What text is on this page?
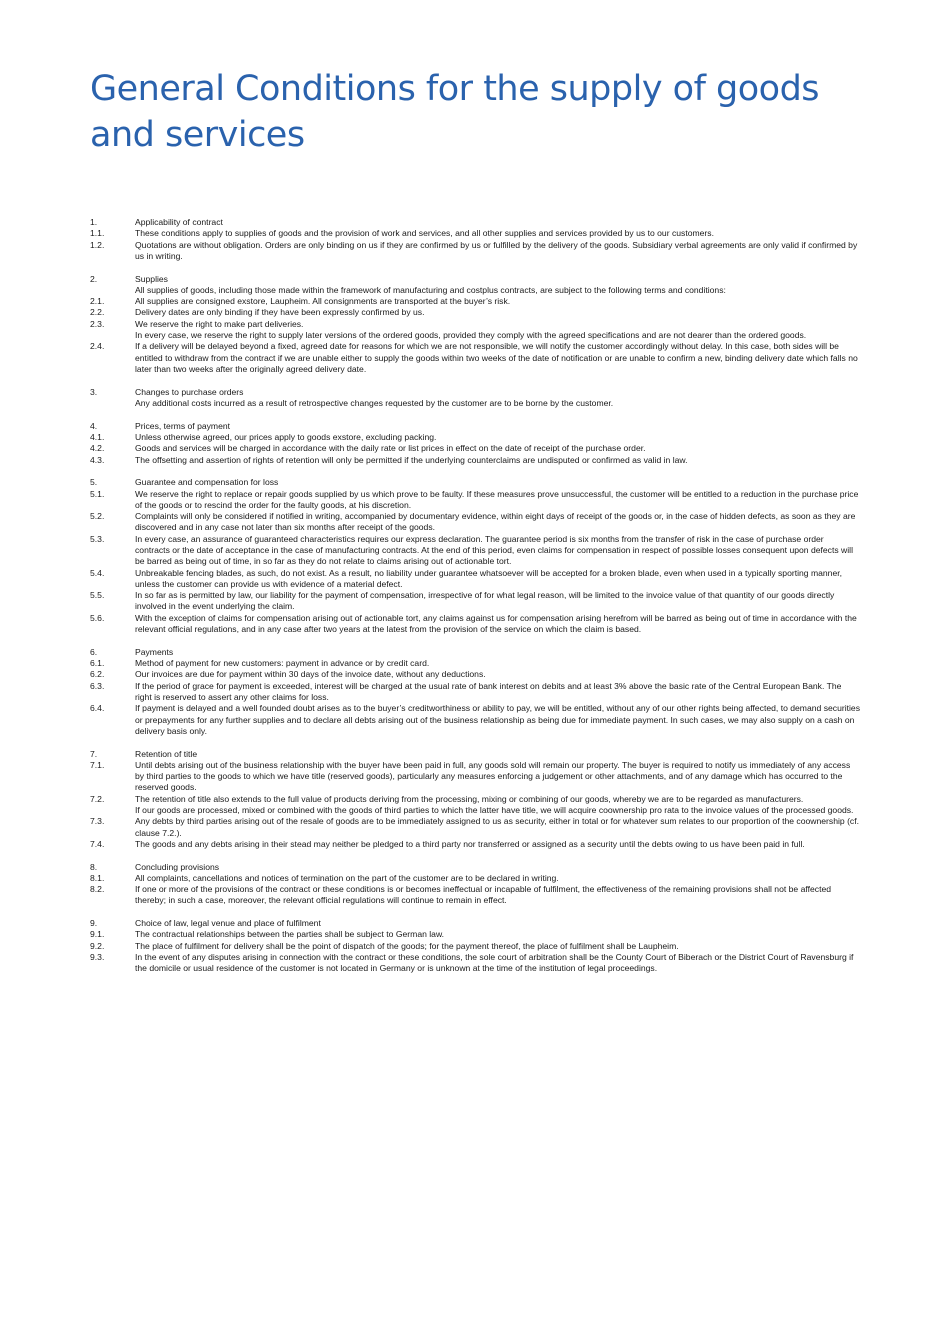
General Conditions for the supply of goods
and services
1.	Applicability of contract
1.1.	These conditions apply to supplies of goods and the provision of work and services, and all other supplies and services provided by us to our customers.
1.2.	Quotations are without obligation. Orders are only binding on us if they are confirmed by us or fulfilled by the delivery of the goods. Subsidiary verbal agreements are only valid if confirmed by us in writing.
2.	Supplies
All supplies of goods, including those made within the framework of manufacturing and costplus contracts, are subject to the following terms and conditions:
2.1.	All supplies are consigned exstore, Laupheim. All consignments are transported at the buyer’s risk.
2.2.	Delivery dates are only binding if they have been expressly confirmed by us.
2.3.	We reserve the right to make part deliveries.
In every case, we reserve the right to supply later versions of the ordered goods, provided they comply with the agreed specifications and are not dearer than the ordered goods.
2.4.	If a delivery will be delayed beyond a fixed, agreed date for reasons for which we are not responsible, we will notify the customer accordingly without delay. In this case, both sides will be entitled to withdraw from the contract if we are unable either to supply the goods within two weeks of the date of notification or are unable to confirm a new, binding delivery date which falls no later than two weeks after the originally agreed delivery date.
3.	Changes to purchase orders
Any additional costs incurred as a result of retrospective changes requested by the customer are to be borne by the customer.
4.	Prices, terms of payment
4.1.	Unless otherwise agreed, our prices apply to goods exstore, excluding packing.
4.2.	Goods and services will be charged in accordance with the daily rate or list prices in effect on the date of receipt of the purchase order.
4.3.	The offsetting and assertion of rights of retention will only be permitted if the underlying counterclaims are undisputed or confirmed as valid in law.
5.	Guarantee and compensation for loss
5.1.	We reserve the right to replace or repair goods supplied by us which prove to be faulty. If these measures prove unsuccessful, the customer will be entitled to a reduction in the purchase price of the goods or to rescind the order for the faulty goods, at his discretion.
5.2.	Complaints will only be considered if notified in writing, accompanied by documentary evidence, within eight days of receipt of the goods or, in the case of hidden defects, as soon as they are discovered and in any case not later than six months after receipt of the goods.
5.3.	In every case, an assurance of guaranteed characteristics requires our express declaration. The guarantee period is six months from the transfer of risk in the case of purchase order contracts or the date of acceptance in the case of manufacturing contracts. At the end of this period, even claims for compensation in respect of possible losses consequent upon defects will be barred as being out of time, in so far as they do not relate to claims arising out of actionable tort.
5.4.	Unbreakable fencing blades, as such, do not exist. As a result, no liability under guarantee whatsoever will be accepted for a broken blade, even when used in a typically sporting manner, unless the customer can provide us with evidence of a material defect.
5.5.	In so far as is permitted by law, our liability for the payment of compensation, irrespective of for what legal reason, will be limited to the invoice value of that quantity of our goods directly involved in the event underlying the claim.
5.6.	With the exception of claims for compensation arising out of actionable tort, any claims against us for compensation arising herefrom will be barred as being out of time in accordance with the relevant official regulations, and in any case after two years at the latest from the provision of the service on which the claim is based.
6.	Payments
6.1.	Method of payment for new customers: payment in advance or by credit card.
6.2.	Our invoices are due for payment within 30 days of the invoice date, without any deductions.
6.3.	If the period of grace for payment is exceeded, interest will be charged at the usual rate of bank interest on debits and at least 3% above the basic rate of the Central European Bank. The right is reserved to assert any other claims for loss.
6.4.	If payment is delayed and a well founded doubt arises as to the buyer’s creditworthiness or ability to pay, we will be entitled, without any of our other rights being affected, to demand securities or prepayments for any further supplies and to declare all debts arising out of the business relationship as being due for immediate payment. In such cases, we may also supply on a cash on delivery basis only.
7.	Retention of title
7.1.	Until debts arising out of the business relationship with the buyer have been paid in full, any goods sold will remain our property. The buyer is required to notify us immediately of any access by third parties to the goods to which we have title (reserved goods), particularly any measures enforcing a judgement or other attachments, and of any damage which has occurred to the reserved goods.
7.2.	The retention of title also extends to the full value of products deriving from the processing, mixing or combining of our goods, whereby we are to be regarded as manufacturers.
If our goods are processed, mixed or combined with the goods of third parties to which the latter have title, we will acquire coownership pro rata to the invoice values of the processed goods.
7.3.	Any debts by third parties arising out of the resale of goods are to be immediately assigned to us as security, either in total or for whatever sum relates to our proportion of the coownership (cf. clause 7.2.).
7.4.	The goods and any debts arising in their stead may neither be pledged to a third party nor transferred or assigned as a security until the debts owing to us have been paid in full.
8.	Concluding provisions
8.1.	All complaints, cancellations and notices of termination on the part of the customer are to be declared in writing.
8.2.	If one or more of the provisions of the contract or these conditions is or becomes ineffectual or incapable of fulfilment, the effectiveness of the remaining provisions shall not be affected thereby; in such a case, moreover, the relevant official regulations will continue to remain in effect.
9.	Choice of law, legal venue and place of fulfilment
9.1.	The contractual relationships between the parties shall be subject to German law.
9.2.	The place of fulfilment for delivery shall be the point of dispatch of the goods; for the payment thereof, the place of fulfilment shall be Laupheim.
9.3.	In the event of any disputes arising in connection with the contract or these conditions, the sole court of arbitration shall be the County Court of Biberach or the District Court of Ravensburg if the domicile or usual residence of the customer is not located in Germany or is unknown at the time of the institution of legal proceedings.
